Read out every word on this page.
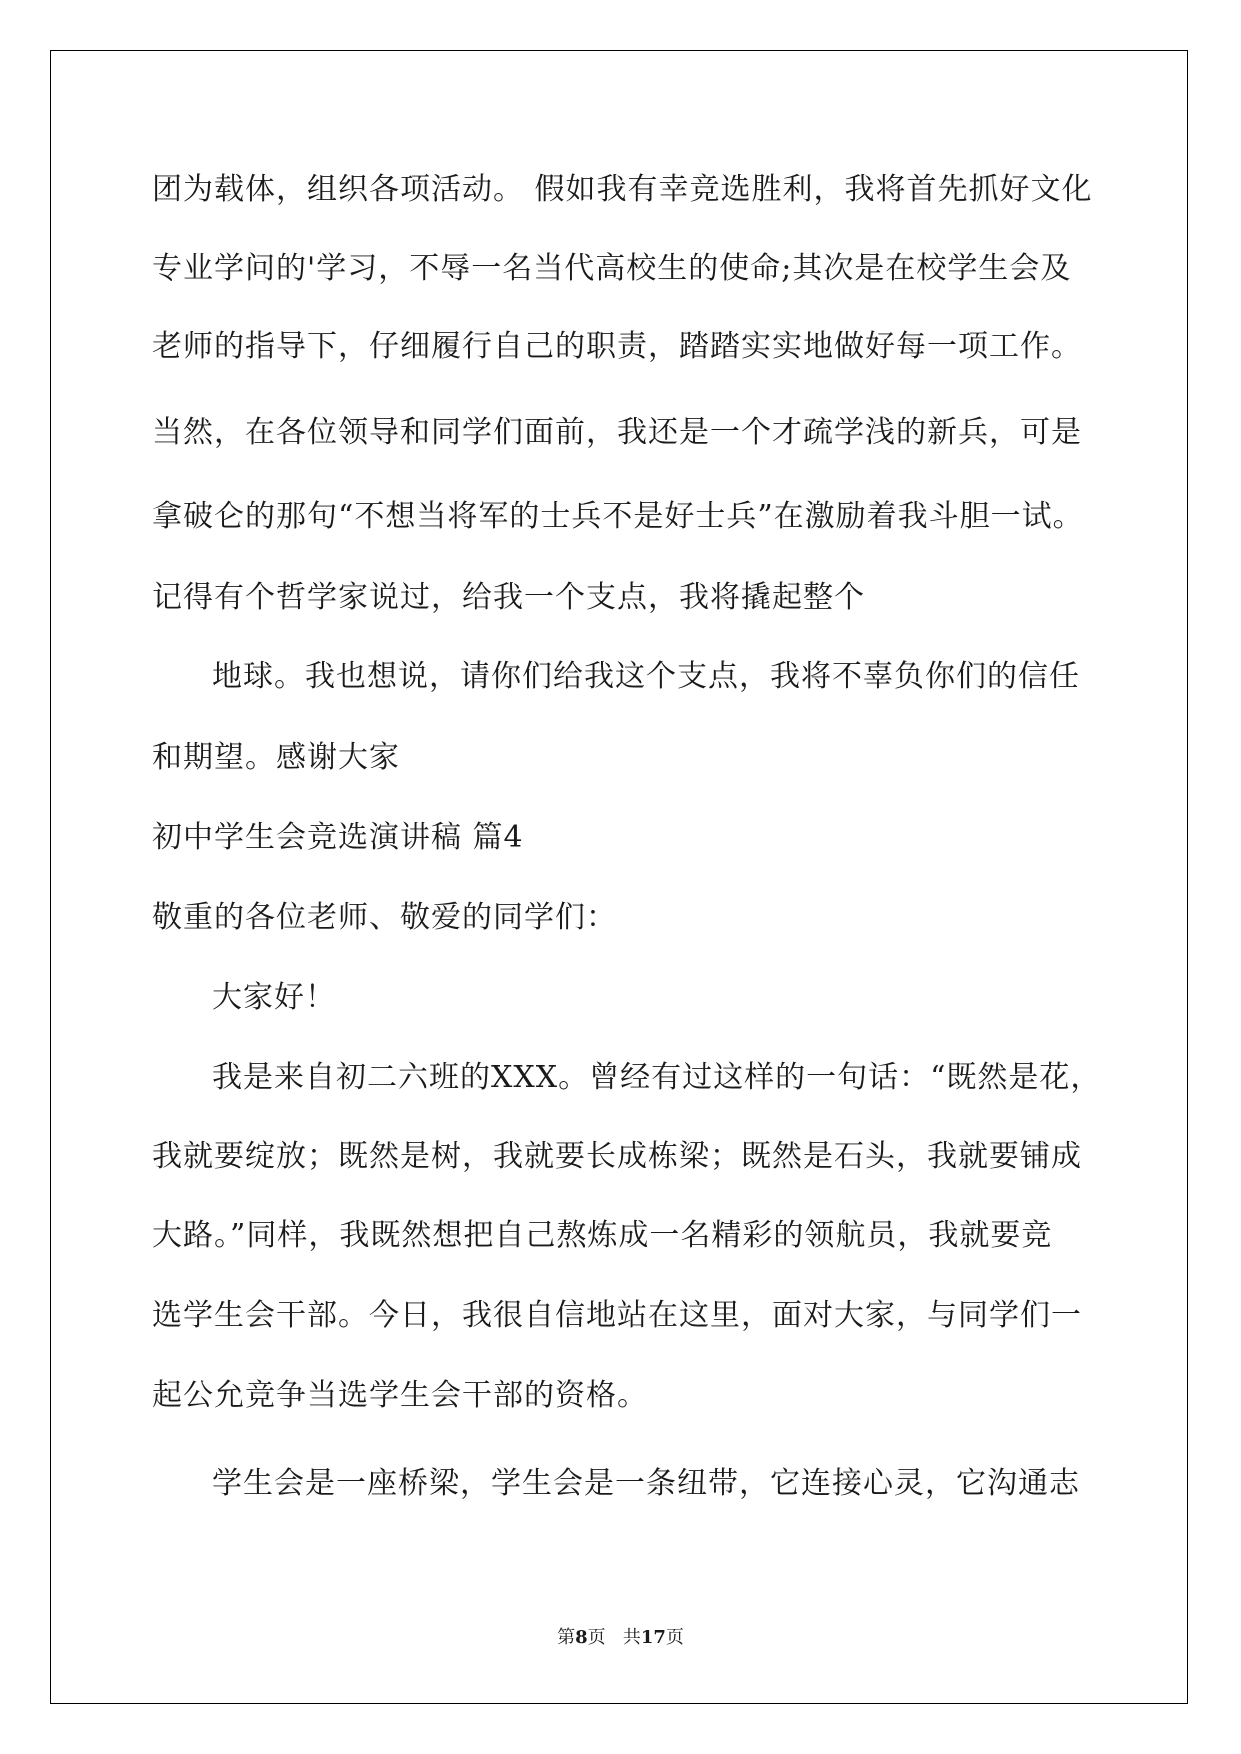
团为载体，组织各项活动。 假如我有幸竞选胜利，我将首先抓好文化

专业学问的'学习，不辱一名当代高校生的使命;其次是在校学生会及

老师的指导下，仔细履行自己的职责，踏踏实实地做好每一项工作。

当然，在各位领导和同学们面前，我还是一个才疏学浅的新兵，可是

拿破仑的那句“不想当将军的士兵不是好士兵”在激励着我斗胆一试。

记得有个哲学家说过，给我一个支点，我将撬起整个

地球。我也想说，请你们给我这个支点，我将不辜负你们的信任

和期望。感谢大家

初中学生会竞选演讲稿 篇4

敬重的各位老师、敬爱的同学们：

大家好！

我是来自初二六班的XXX。曾经有过这样的一句话：“既然是花，

我就要绽放；既然是树，我就要长成栋梁；既然是石头，我就要铺成

大路。”同样，我既然想把自己熬炼成一名精彩的领航员，我就要竞

选学生会干部。今日，我很自信地站在这里，面对大家，与同学们一

起公允竞争当选学生会干部的资格。

学生会是一座桥梁，学生会是一条纽带，它连接心灵，它沟通志

第8页 共17页
